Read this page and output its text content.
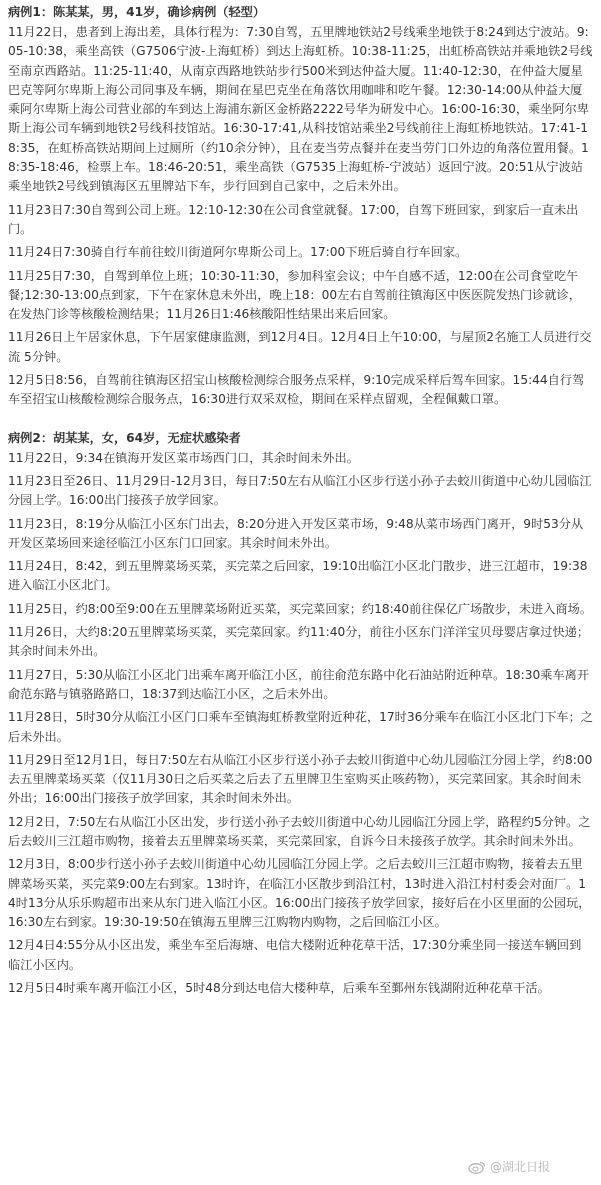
病例1：陈某某，男，41岁，确诊病例（轻型）

11月22日，患者到上海出差，具体行程为：7:30自驾，五里牌地铁站2号线乘坐地铁于8:24到达宁波站。9:05-10:38，乘坐高铁（G7506宁波-上海虹桥）到达上海虹桥。10:38-11:25，出虹桥高铁站并乘地铁2号线至南京西路站。11:25-11:40，从南京西路地铁站步行500米到达仲益大厦。11:40-12:30，在仲益大厦星巴克等阿尔卑斯上海公司同事及车辆，期间在星巴克坐在角落饮用咖啡和吃午餐。12:30-14:00从仲益大厦乘阿尔卑斯上海公司营业部的车到达上海浦东新区金桥路2222号华为研发中心。16:00-16:30，乘坐阿尔卑斯上海公司车辆到地铁2号线科技馆站。16:30-17:41,从科技馆站乘坐2号线前往上海虹桥地铁站。17:41-18:35，在虹桥高铁站期间上过厕所（约10余分钟），且在麦当劳点餐并在麦当劳门口外边的角落位置用餐。18:35-18:46，检票上车。18:46-20:51，乘坐高铁（G7535上海虹桥-宁波站）返回宁波。20:51从宁波站乘坐地铁2号线到镇海区五里牌站下车，步行回到自己家中，之后未外出。

11月23日7:30自驾到公司上班。12:10-12:30在公司食堂就餐。17:00，自驾下班回家，到家后一直未出门。

11月24日7:30骑自行车前往蛟川街道阿尔卑斯公司上。17:00下班后骑自行车回家。

11月25日7:30，自驾到单位上班；10:30-11:30，参加科室会议；中午自感不适，12:00在公司食堂吃午餐;12:30-13:00点到家，下午在家休息未外出，晚上18：00左右自驾前往镇海区中医医院发热门诊就诊，在发热门诊等核酸检测结果；11月26日1:46核酸阳性结果出来后回家。

11月26日上午居家休息，下午居家健康监测，到12月4日。12月4日上午10:00，与屋顶2名施工人员进行交流 5分钟。

12月5日8:56，自驾前往镇海区招宝山核酸检测综合服务点采样，9:10完成采样后驾车回家。15:44自行驾车至招宝山核酸检测综合服务点，16:30进行双采双检，期间在采样点留观，全程佩戴口罩。

病例2：胡某某，女，64岁，无症状感染者

11月22日，9:34在镇海开发区菜市场西门口，其余时间未外出。

11月23日至26日、11月29日-12月3日，每日7:50左右从临江小区步行送小孙子去蛟川街道中心幼儿园临江分园上学。16:00出门接孩子放学回家。

11月23日，8:19分从临江小区东门出去，8:20分进入开发区菜市场，9:48从菜市场西门离开，9时53分从开发区菜场回来途径临江小区东门口回家。其余时间未外出。

11月24日，8:42，到五里牌菜场买菜，买完菜之后回家，19:10出临江小区北门散步，进三江超市，19:38进入临江小区北门。

11月25日，约8:00至9:00在五里牌菜场附近买菜，买完菜回家；约18:40前往保亿广场散步，未进入商场。

11月26日，大约8:20五里牌菜场买菜，买完菜回家。约11:40分，前往小区东门洋洋宝贝母婴店拿过快递；其余时间未外出。

11月27日，5:30从临江小区北门出乘车离开临江小区，前往俞范东路中化石油站附近种草。18:30乘车离开俞范东路与镇骆路路口，18:37到达临江小区，之后未外出。

11月28日，5时30分从临江小区门口乘车至镇海虹桥教堂附近种花，17时36分乘车在临江小区北门下车；之后未外出。

11月29日至12月1日，每日7:50左右从临江小区步行送小孙子去蛟川街道中心幼儿园临江分园上学，约8:00去五里牌菜场买菜（仅11月30日之后买菜之后去了五里牌卫生室购买止咳药物），买完菜回家。其余时间未外出；16:00出门接孩子放学回家，其余时间未外出。

12月2日，7:50左右从临江小区出发，步行送小孙子去蛟川街道中心幼儿园临江分园上学，路程约5分钟。之后去蛟川三江超市购物，接着去五里牌菜场买菜，买完菜回家，自诉今日未接孩子放学。其余时间未外出。

12月3日，8:00步行送小孙子去蛟川街道中心幼儿园临江分园上学。之后去蛟川三江超市购物，接着去五里牌菜场买菜，买完菜9:00左右到家。13时许，在临江小区散步到沿江村，13时进入沿江村村委会对面厂。14时13分从乐乐购超市出来从东门进入临江小区。16:00出门接孩子放学回家，接好后在小区里面的公园玩，16:30左右到家。19:30-19:50在镇海五里牌三江购物内购物，之后回临江小区。

12月4日4:55分从小区出发，乘坐车至后海塘、电信大楼附近种花草干活，17:30分乘坐同一接送车辆回到临江小区内。

12月5日4时乘车离开临江小区，5时48分到达电信大楼种草，后乘车至鄞州东钱湖附近种花草干活。

@湖北日报
